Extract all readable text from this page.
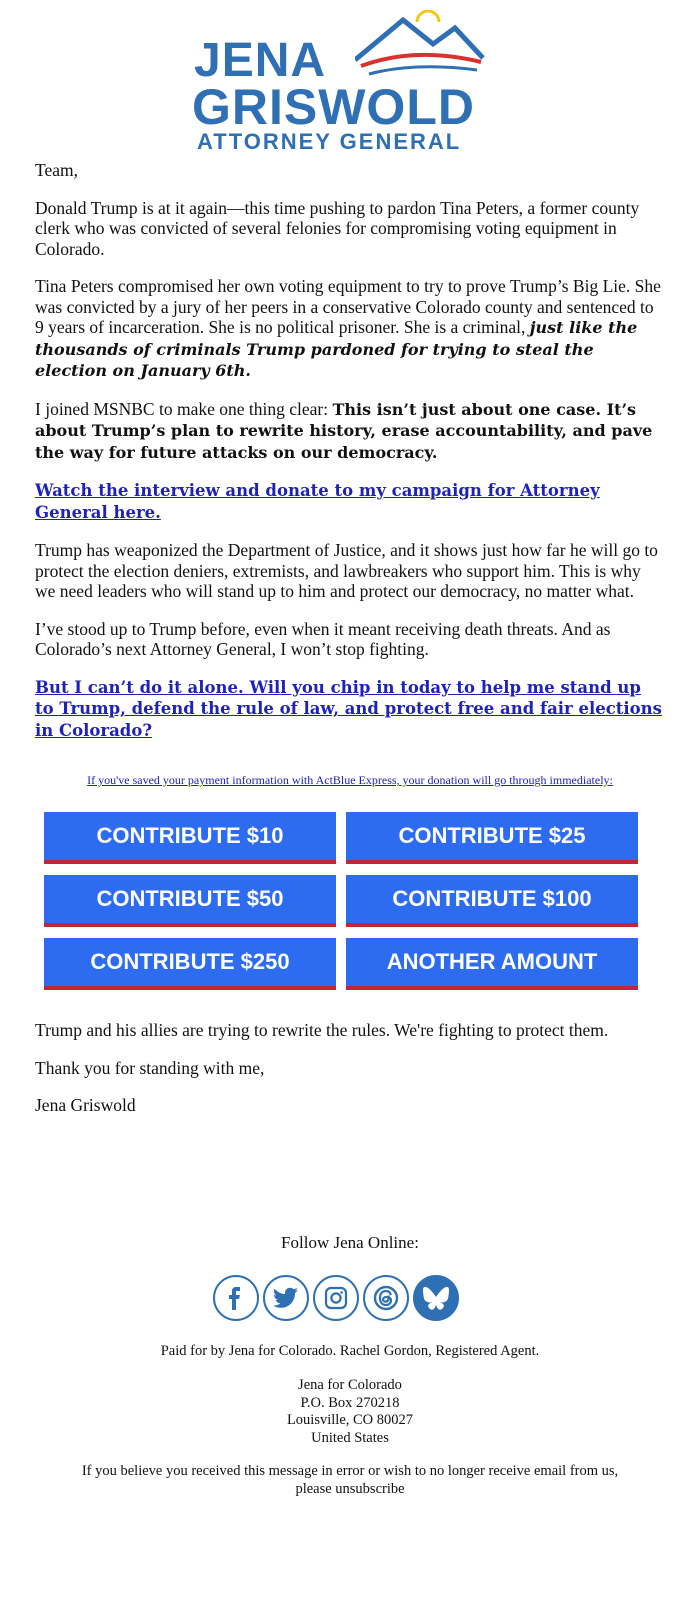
JENA
GRISWOLD
ATTORNEY GENERAL

Team,

Donald Trump is at it again—this time pushing to pardon Tina Peters, a former county clerk who was convicted of several felonies for compromising voting equipment in Colorado.

Tina Peters compromised her own voting equipment to try to prove Trump’s Big Lie. She was convicted by a jury of her peers in a conservative Colorado county and sentenced to 9 years of incarceration. She is no political prisoner. She is a criminal, just like the thousands of criminals Trump pardoned for trying to steal the election on January 6th.

I joined MSNBC to make one thing clear: This isn’t just about one case. It’s about Trump’s plan to rewrite history, erase accountability, and pave the way for future attacks on our democracy.

Watch the interview and donate to my campaign for Attorney General here.

Trump has weaponized the Department of Justice, and it shows just how far he will go to protect the election deniers, extremists, and lawbreakers who support him. This is why we need leaders who will stand up to him and protect our democracy, no matter what.

I’ve stood up to Trump before, even when it meant receiving death threats. And as Colorado’s next Attorney General, I won’t stop fighting.

But I can’t do it alone. Will you chip in today to help me stand up to Trump, defend the rule of law, and protect free and fair elections in Colorado?

If you've saved your payment information with ActBlue Express, your donation will go through immediately:
CONTRIBUTE $10	CONTRIBUTE $25
CONTRIBUTE $50	CONTRIBUTE $100
CONTRIBUTE $250	ANOTHER AMOUNT

Trump and his allies are trying to rewrite the rules. We're fighting to protect them.

Thank you for standing with me,

Jena Griswold

Follow Jena Online:
Paid for by Jena for Colorado. Rachel Gordon, Registered Agent.
Jena for Colorado
P.O. Box 270218
Louisville, CO 80027
United States
If you believe you received this message in error or wish to no longer receive email from us,
please unsubscribe
